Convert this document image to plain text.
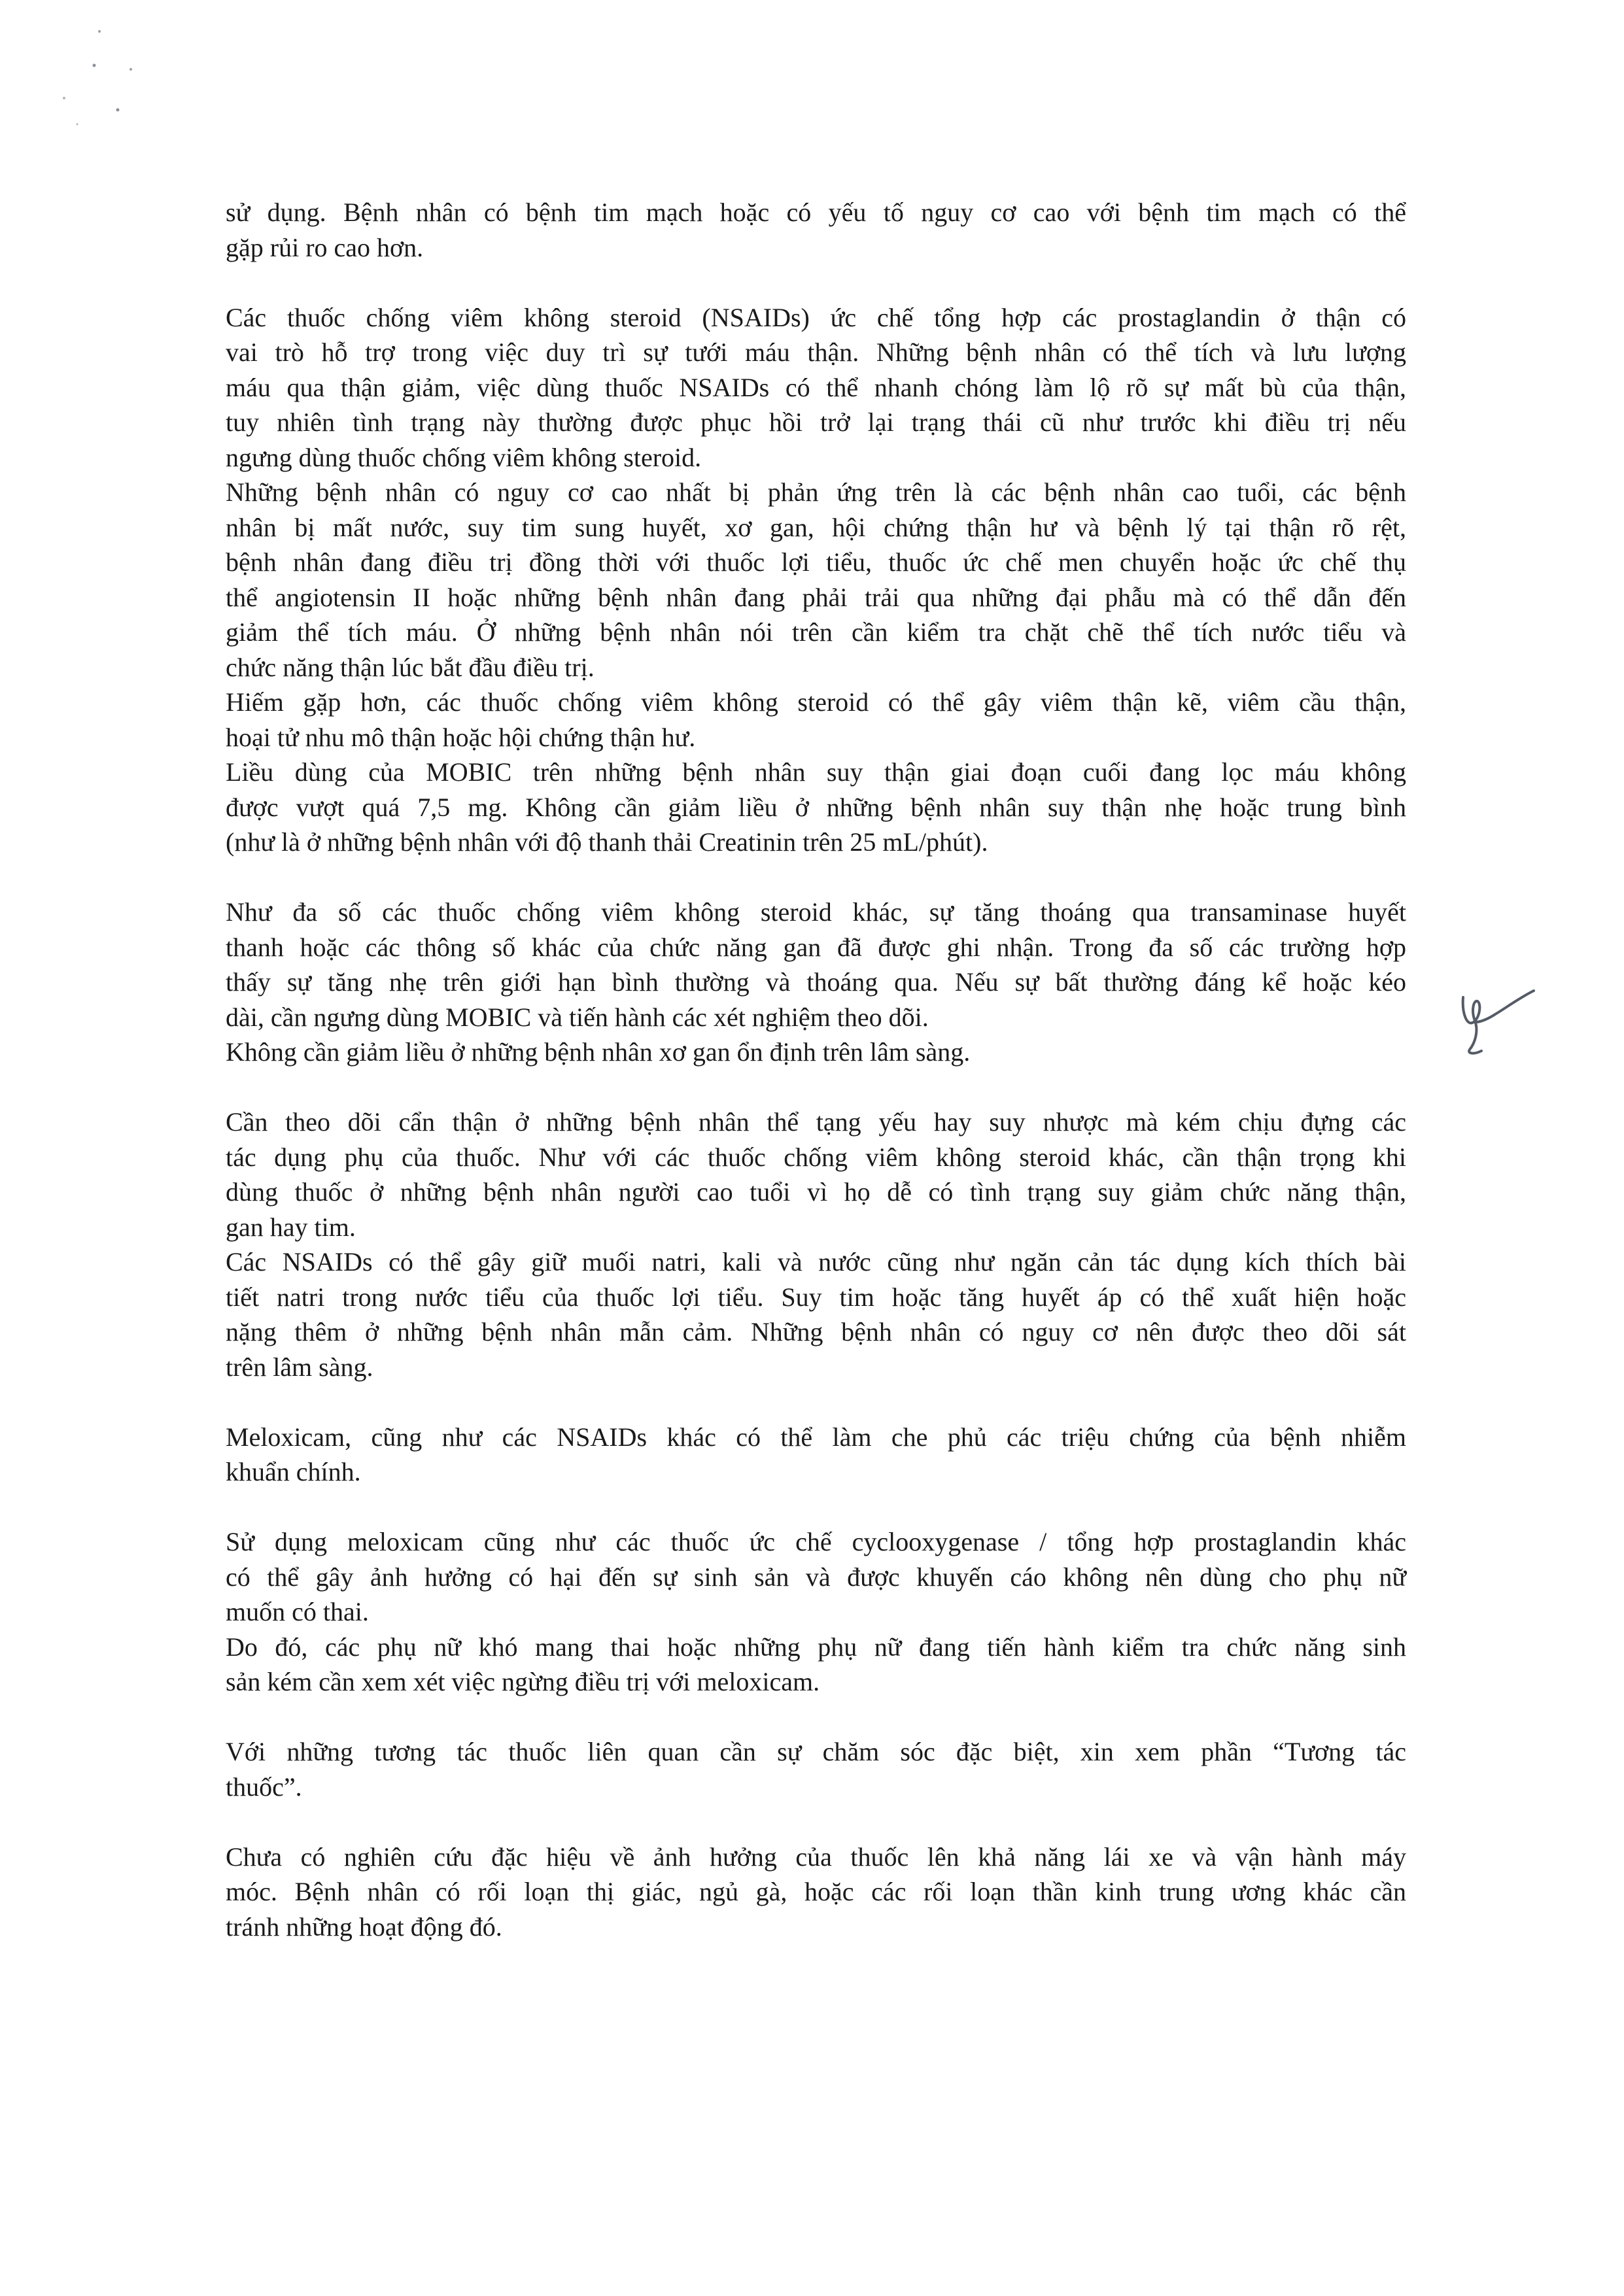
sử dụng. Bệnh nhân có bệnh tim mạch hoặc có yếu tố nguy cơ cao với bệnh tim mạch có thể
gặp rủi ro cao hơn.
Các thuốc chống viêm không steroid (NSAIDs) ức chế tổng hợp các prostaglandin ở thận có
vai trò hỗ trợ trong việc duy trì sự tưới máu thận. Những bệnh nhân có thể tích và lưu lượng
máu qua thận giảm, việc dùng thuốc NSAIDs có thể nhanh chóng làm lộ rõ sự mất bù của thận,
tuy nhiên tình trạng này thường được phục hồi trở lại trạng thái cũ như trước khi điều trị nếu
ngưng dùng thuốc chống viêm không steroid.
Những bệnh nhân có nguy cơ cao nhất bị phản ứng trên là các bệnh nhân cao tuổi, các bệnh
nhân bị mất nước, suy tim sung huyết, xơ gan, hội chứng thận hư và bệnh lý tại thận rõ rệt,
bệnh nhân đang điều trị đồng thời với thuốc lợi tiểu, thuốc ức chế men chuyển hoặc ức chế thụ
thể angiotensin II hoặc những bệnh nhân đang phải trải qua những đại phẫu mà có thể dẫn đến
giảm thể tích máu. Ở những bệnh nhân nói trên cần kiểm tra chặt chẽ thể tích nước tiểu và
chức năng thận lúc bắt đầu điều trị.
Hiếm gặp hơn, các thuốc chống viêm không steroid có thể gây viêm thận kẽ, viêm cầu thận,
hoại tử nhu mô thận hoặc hội chứng thận hư.
Liều dùng của MOBIC trên những bệnh nhân suy thận giai đoạn cuối đang lọc máu không
được vượt quá 7,5 mg. Không cần giảm liều ở những bệnh nhân suy thận nhẹ hoặc trung bình
(như là ở những bệnh nhân với độ thanh thải Creatinin trên 25 mL/phút).
Như đa số các thuốc chống viêm không steroid khác, sự tăng thoáng qua transaminase huyết
thanh hoặc các thông số khác của chức năng gan đã được ghi nhận. Trong đa số các trường hợp
thấy sự tăng nhẹ trên giới hạn bình thường và thoáng qua. Nếu sự bất thường đáng kể hoặc kéo
dài, cần ngưng dùng MOBIC và tiến hành các xét nghiệm theo dõi.
Không cần giảm liều ở những bệnh nhân xơ gan ổn định trên lâm sàng.
Cần theo dõi cẩn thận ở những bệnh nhân thể tạng yếu hay suy nhược mà kém chịu đựng các
tác dụng phụ của thuốc. Như với các thuốc chống viêm không steroid khác, cần thận trọng khi
dùng thuốc ở những bệnh nhân người cao tuổi vì họ dễ có tình trạng suy giảm chức năng thận,
gan hay tim.
Các NSAIDs có thể gây giữ muối natri, kali và nước cũng như ngăn cản tác dụng kích thích bài
tiết natri trong nước tiểu của thuốc lợi tiểu. Suy tim hoặc tăng huyết áp có thể xuất hiện hoặc
nặng thêm ở những bệnh nhân mẫn cảm. Những bệnh nhân có nguy cơ nên được theo dõi sát
trên lâm sàng.
Meloxicam, cũng như các NSAIDs khác có thể làm che phủ các triệu chứng của bệnh nhiễm
khuẩn chính.
Sử dụng meloxicam cũng như các thuốc ức chế cyclooxygenase / tổng hợp prostaglandin khác
có thể gây ảnh hưởng có hại đến sự sinh sản và được khuyến cáo không nên dùng cho phụ nữ
muốn có thai.
Do đó, các phụ nữ khó mang thai hoặc những phụ nữ đang tiến hành kiểm tra chức năng sinh
sản kém cần xem xét việc ngừng điều trị với meloxicam.
Với những tương tác thuốc liên quan cần sự chăm sóc đặc biệt, xin xem phần “Tương tác
thuốc”.
Chưa có nghiên cứu đặc hiệu về ảnh hưởng của thuốc lên khả năng lái xe và vận hành máy
móc. Bệnh nhân có rối loạn thị giác, ngủ gà, hoặc các rối loạn thần kinh trung ương khác cần
tránh những hoạt động đó.
